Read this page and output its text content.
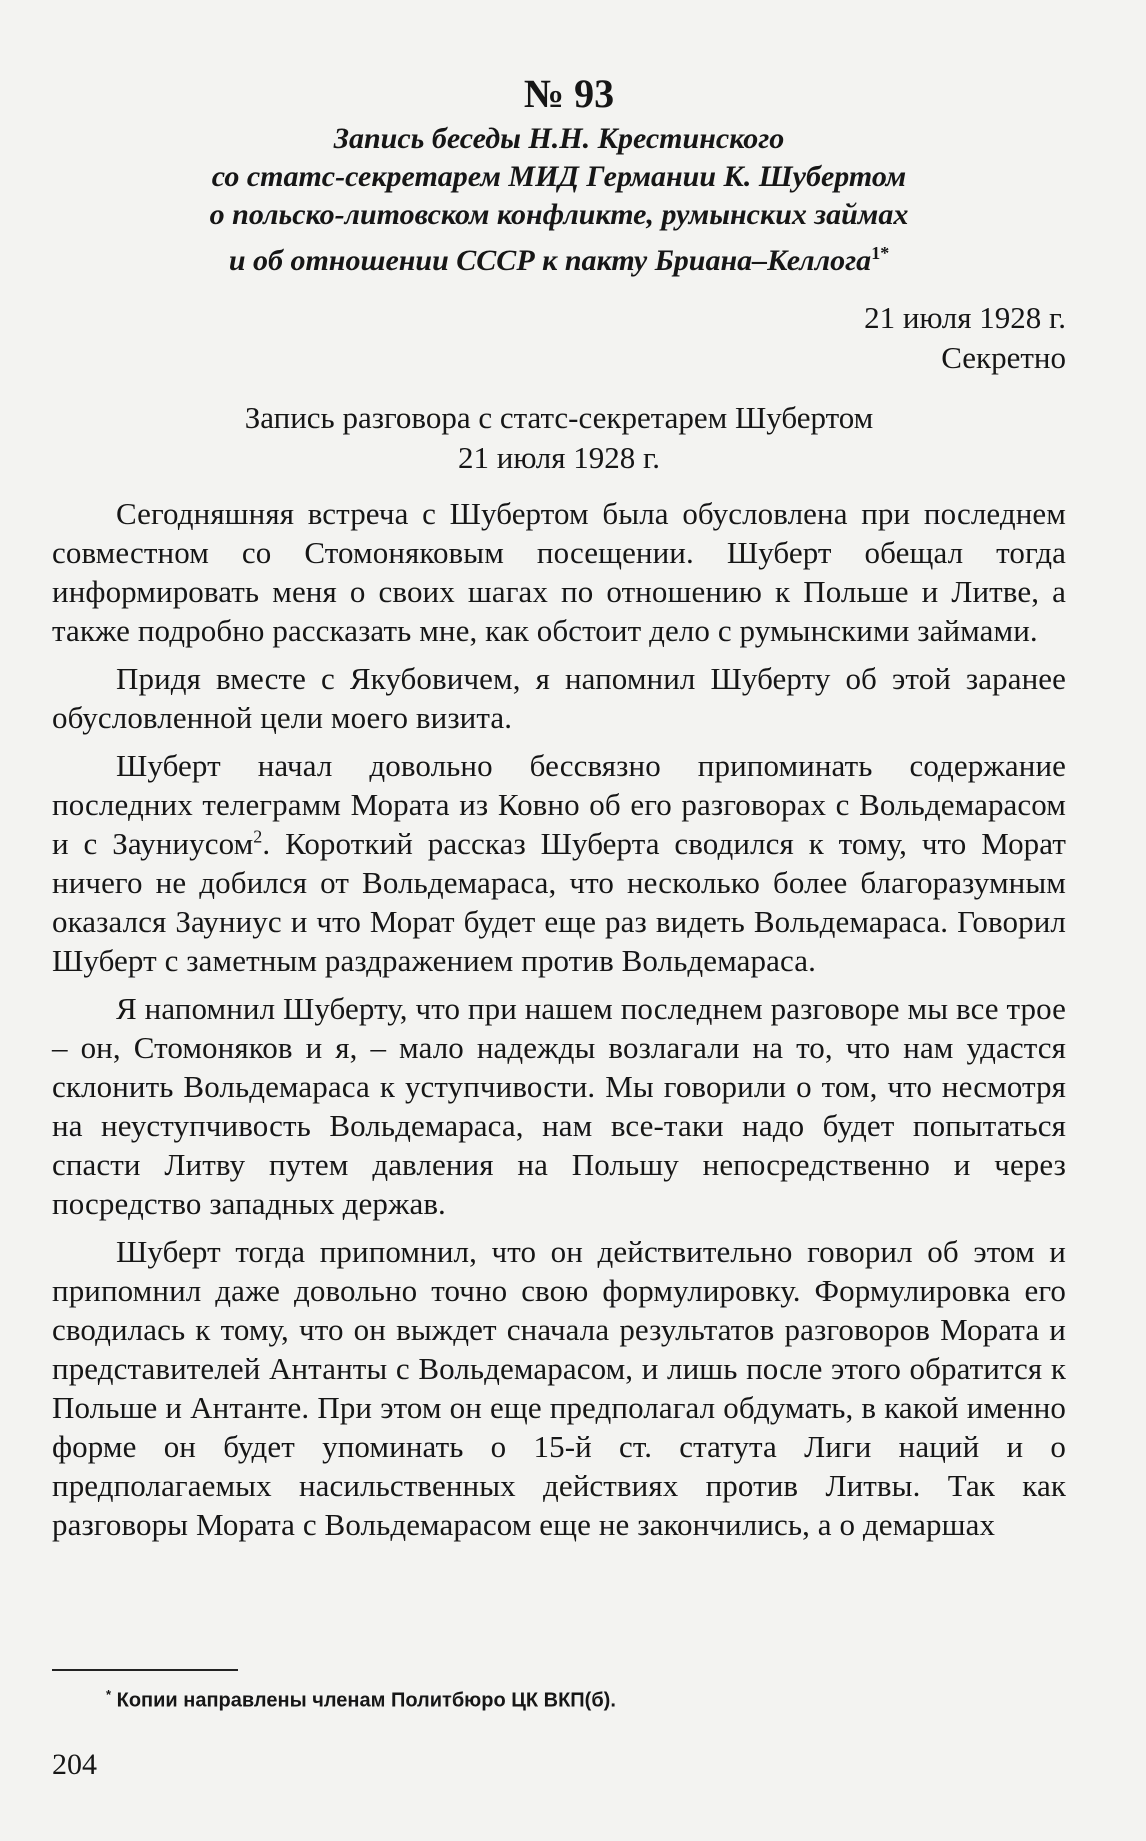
№ 93
Запись беседы Н.Н. Крестинского
со статс-секретарем МИД Германии К. Шубертом
о польско-литовском конфликте, румынских займах
и об отношении СССР к пакту Бриана–Келлога$^{1*}$
21 июля 1928 г.
Секретно
Запись разговора с статс-секретарем Шубертом
21 июля 1928 г.

Сегодняшняя встреча с Шубертом была обусловлена при последнем совместном со Стомоняковым посещении. Шуберт обещал тогда информировать меня о своих шагах по отношению к Польше и Литве, а также подробно рассказать мне, как обстоит дело с румынскими займами.

Придя вместе с Якубовичем, я напомнил Шуберту об этой заранее обусловленной цели моего визита.

Шуберт начал довольно бессвязно припоминать содержание последних телеграмм Мората из Ковно об его разговорах с Вольдемарасом и с Зауниусом$^2$. Короткий рассказ Шуберта сводился к тому, что Морат ничего не добился от Вольдемараса, что несколько более благоразумным оказался Зауниус и что Морат будет еще раз видеть Вольдемараса. Говорил Шуберт с заметным раздражением против Вольдемараса.

Я напомнил Шуберту, что при нашем последнем разговоре мы все трое – он, Стомоняков и я, – мало надежды возлагали на то, что нам удастся склонить Вольдемараса к уступчивости. Мы говорили о том, что несмотря на неуступчивость Вольдемараса, нам все-таки надо будет попытаться спасти Литву путем давления на Польшу непосредственно и через посредство западных держав.

Шуберт тогда припомнил, что он действительно говорил об этом и припомнил даже довольно точно свою формулировку. Формулировка его сводилась к тому, что он выждет сначала результатов разговоров Мората и представителей Антанты с Вольдемарасом, и лишь после этого обратится к Польше и Антанте. При этом он еще предполагал обдумать, в какой именно форме он будет упоминать о 15-й ст. статута Лиги наций и о предполагаемых насильственных действиях против Литвы. Так как разговоры Мората с Вольдемарасом еще не закончились, а о демаршах

* Копии направлены членам Политбюро ЦК ВКП(б).
204
